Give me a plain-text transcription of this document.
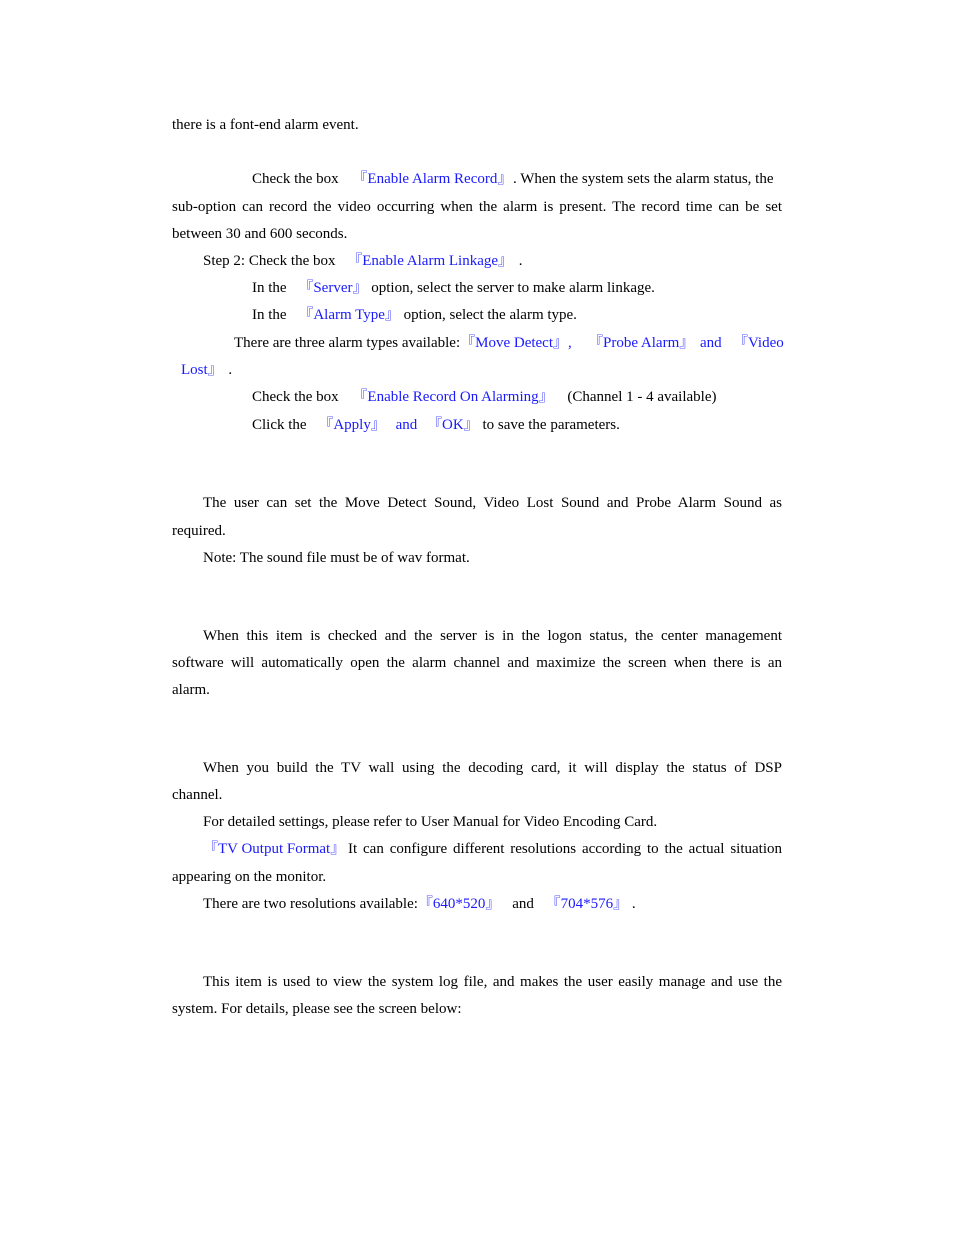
there is a font-end alarm event.
Check the box 『Enable Alarm Record』 . When the system sets the alarm status, the
sub-option can record the video occurring when the alarm is present. The record time can be set
between 30 and 600 seconds.
Step 2: Check the box 『Enable Alarm Linkage』 .
In the 『Server』 option, select the server to make alarm linkage.
In the 『Alarm Type』 option, select the alarm type.
There are three alarm types available:『Move Detect』, 『Probe Alarm』 and 『Video
Lost』 .
Check the box 『Enable Record On Alarming』 (Channel 1 - 4 available)
Click the 『Apply』 and 『OK』 to save the parameters.
The user can set the Move Detect Sound, Video Lost Sound and Probe Alarm Sound as
required.
Note: The sound file must be of wav format.
When this item is checked and the server is in the logon status, the center management
software will automatically open the alarm channel and maximize the screen when there is an
alarm.
When you build the TV wall using the decoding card, it will display the status of DSP
channel.
For detailed settings, please refer to User Manual for Video Encoding Card.
『TV Output Format』 It can configure different resolutions according to the actual situation
appearing on the monitor.
There are two resolutions available:『640*520』 and 『704*576』 .
This item is used to view the system log file, and makes the user easily manage and use the
system. For details, please see the screen below:
